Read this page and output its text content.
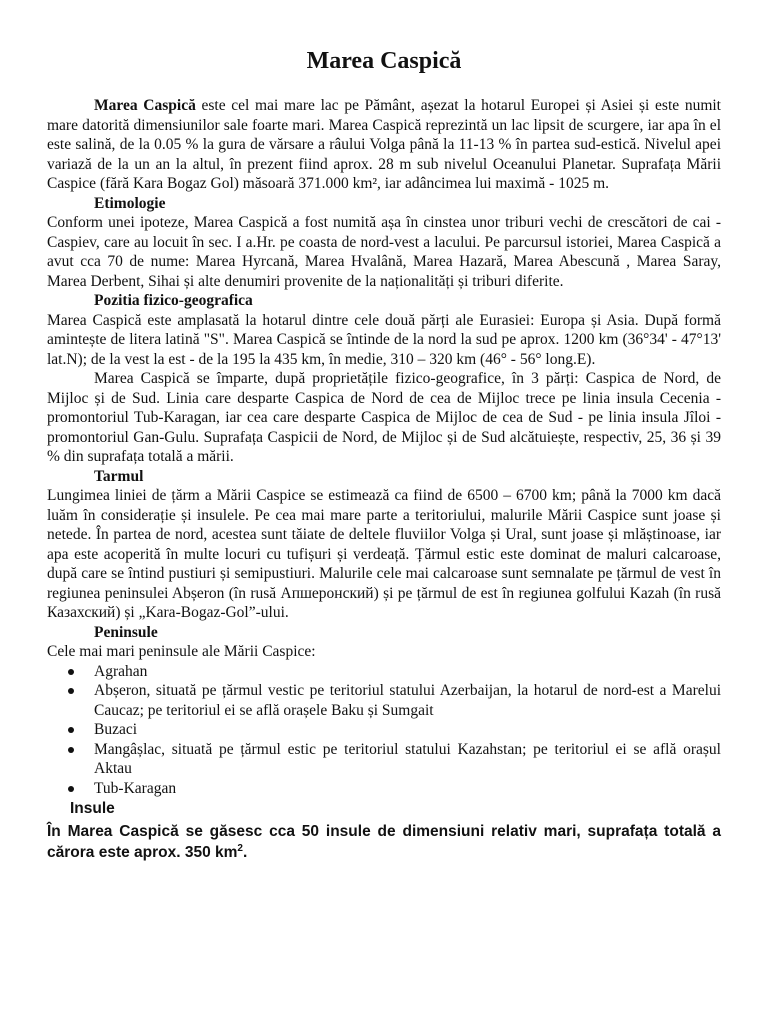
Marea Caspică

Marea Caspică este cel mai mare lac pe Pământ, așezat la hotarul Europei și Asiei și este numit mare datorită dimensiunilor sale foarte mari. Marea Caspică reprezintă un lac lipsit de scurgere, iar apa în el este salină, de la 0.05 % la gura de vărsare a râului Volga până la 11-13 % în partea sud-estică. Nivelul apei variază de la un an la altul, în prezent fiind aprox. 28 m sub nivelul Oceanului Planetar. Suprafața Mării Caspice (fără Kara Bogaz Gol) măsoară 371.000 km², iar adâncimea lui maximă - 1025 m.

Etimologie

Conform unei ipoteze, Marea Caspică a fost numită așa în cinstea unor triburi vechi de crescători de cai - Caspiev, care au locuit în sec. I a.Hr. pe coasta de nord-vest a lacului. Pe parcursul istoriei, Marea Caspică a avut cca 70 de nume: Marea Hyrcană, Marea Hvalână, Marea Hazară, Marea Abescună , Marea Saray, Marea Derbent, Sihai și alte denumiri provenite de la naționalități și triburi diferite.

Pozitia fizico-geografica

Marea Caspică este amplasată la hotarul dintre cele două părți ale Eurasiei: Europa și Asia. După formă amintește de litera latină "S". Marea Caspică se întinde de la nord la sud pe aprox. 1200 km (36°34' - 47°13' lat.N); de la vest la est - de la 195 la 435 km, în medie, 310 – 320 km (46° - 56° long.E).

Marea Caspică se împarte, după proprietățile fizico-geografice, în 3 părți: Caspica de Nord, de Mijloc și de Sud. Linia care desparte Caspica de Nord de cea de Mijloc trece pe linia insula Cecenia - promontoriul Tub-Karagan, iar cea care desparte Caspica de Mijloc de cea de Sud - pe linia insula Jîloi - promontoriul Gan-Gulu. Suprafața Caspicii de Nord, de Mijloc și de Sud alcătuiește, respectiv, 25, 36 și 39 % din suprafața totală a mării.

Tarmul

Lungimea liniei de țărm a Mării Caspice se estimează ca fiind de 6500 – 6700 km; până la 7000 km dacă luăm în considerație și insulele. Pe cea mai mare parte a teritoriului, malurile Mării Caspice sunt joase și netede. În partea de nord, acestea sunt tăiate de deltele fluviilor Volga și Ural, sunt joase și mlăștinoase, iar apa este acoperită în multe locuri cu tufișuri și verdeață. Țărmul estic este dominat de maluri calcaroase, după care se întind pustiuri și semipustiuri. Malurile cele mai calcaroase sunt semnalate pe țărmul de vest în regiunea peninsulei Abșeron (în rusă Апшеронский) și pe țărmul de est în regiunea golfului Kazah (în rusă Казахский) și „Kara-Bogaz-Gol”-ului.

Peninsule

Cele mai mari peninsule ale Mării Caspice:

Agrahan
Abșeron, situată pe țărmul vestic pe teritoriul statului Azerbaijan, la hotarul de nord-est a Marelui Caucaz; pe teritoriul ei se află orașele Baku și Sumgait
Buzaci
Mangâșlac, situată pe țărmul estic pe teritoriul statului Kazahstan; pe teritoriul ei se află orașul Aktau
Tub-Karagan
Insule

În Marea Caspică se găsesc cca 50 insule de dimensiuni relativ mari, suprafața totală a cărora este aprox. 350 $km^2$.
